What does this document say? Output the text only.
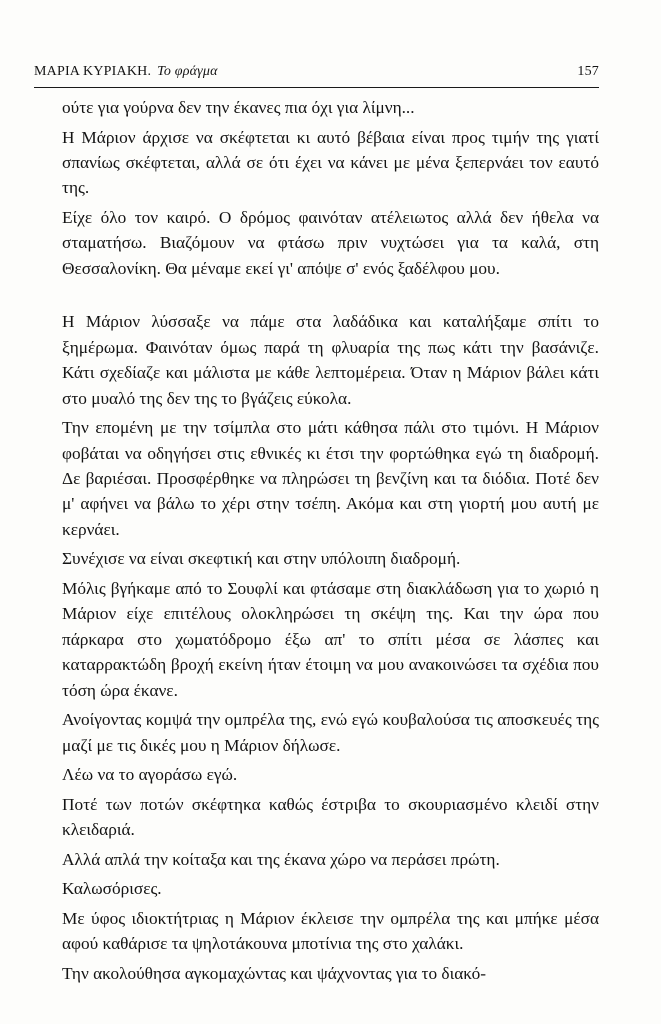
ΜΑΡΙΑ ΚΥΡΙΑΚΗ. Το φράγμα	157

ούτε για γούρνα δεν την έκανες πια όχι για λίμνη...

Η Μάριον άρχισε να σκέφτεται κι αυτό βέβαια είναι προς τιμήν της γιατί σπανίως σκέφτεται, αλλά σε ότι έχει να κάνει με μένα ξεπερνάει τον εαυτό της.

Είχε όλο τον καιρό. Ο δρόμος φαινόταν ατέλειωτος αλλά δεν ήθελα να σταματήσω. Βιαζόμουν να φτάσω πριν νυχτώσει για τα καλά, στη Θεσσαλονίκη. Θα μέναμε εκεί γι' απόψε σ' ενός ξαδέλφου μου.

Η Μάριον λύσσαξε να πάμε στα λαδάδικα και καταλήξαμε σπίτι το ξημέρωμα. Φαινόταν όμως παρά τη φλυαρία της πως κάτι την βασάνιζε. Κάτι σχεδίαζε και μάλιστα με κάθε λεπτομέρεια. Όταν η Μάριον βάλει κάτι στο μυαλό της δεν της το βγάζεις εύκολα.

Την επομένη με την τσίμπλα στο μάτι κάθησα πάλι στο τιμόνι. Η Μάριον φοβάται να οδηγήσει στις εθνικές κι έτσι την φορτώθηκα εγώ τη διαδρομή. Δε βαριέσαι. Προσφέρθηκε να πληρώσει τη βενζίνη και τα διόδια. Ποτέ δεν μ' αφήνει να βάλω το χέρι στην τσέπη. Ακόμα και στη γιορτή μου αυτή με κερνάει.

Συνέχισε να είναι σκεφτική και στην υπόλοιπη διαδρομή.

Μόλις βγήκαμε από το Σουφλί και φτάσαμε στη διακλάδωση για το χωριό η Μάριον είχε επιτέλους ολοκληρώσει τη σκέψη της. Και την ώρα που πάρκαρα στο χωματόδρομο έξω απ' το σπίτι μέσα σε λάσπες και καταρρακτώδη βροχή εκείνη ήταν έτοιμη να μου ανακοινώσει τα σχέδια που τόση ώρα έκανε.

Ανοίγοντας κομψά την ομπρέλα της, ενώ εγώ κουβαλούσα τις αποσκευές της μαζί με τις δικές μου η Μάριον δήλωσε.

Λέω να το αγοράσω εγώ.

Ποτέ των ποτών σκέφτηκα καθώς έστριβα το σκουριασμένο κλειδί στην κλειδαριά.

Αλλά απλά την κοίταξα και της έκανα χώρο να περάσει πρώτη.

Καλωσόρισες.

Με ύφος ιδιοκτήτριας η Μάριον έκλεισε την ομπρέλα της και μπήκε μέσα αφού καθάρισε τα ψηλοτάκουνα μποτίνια της στο χαλάκι.

Την ακολούθησα αγκομαχώντας και ψάχνοντας για το διακό-
